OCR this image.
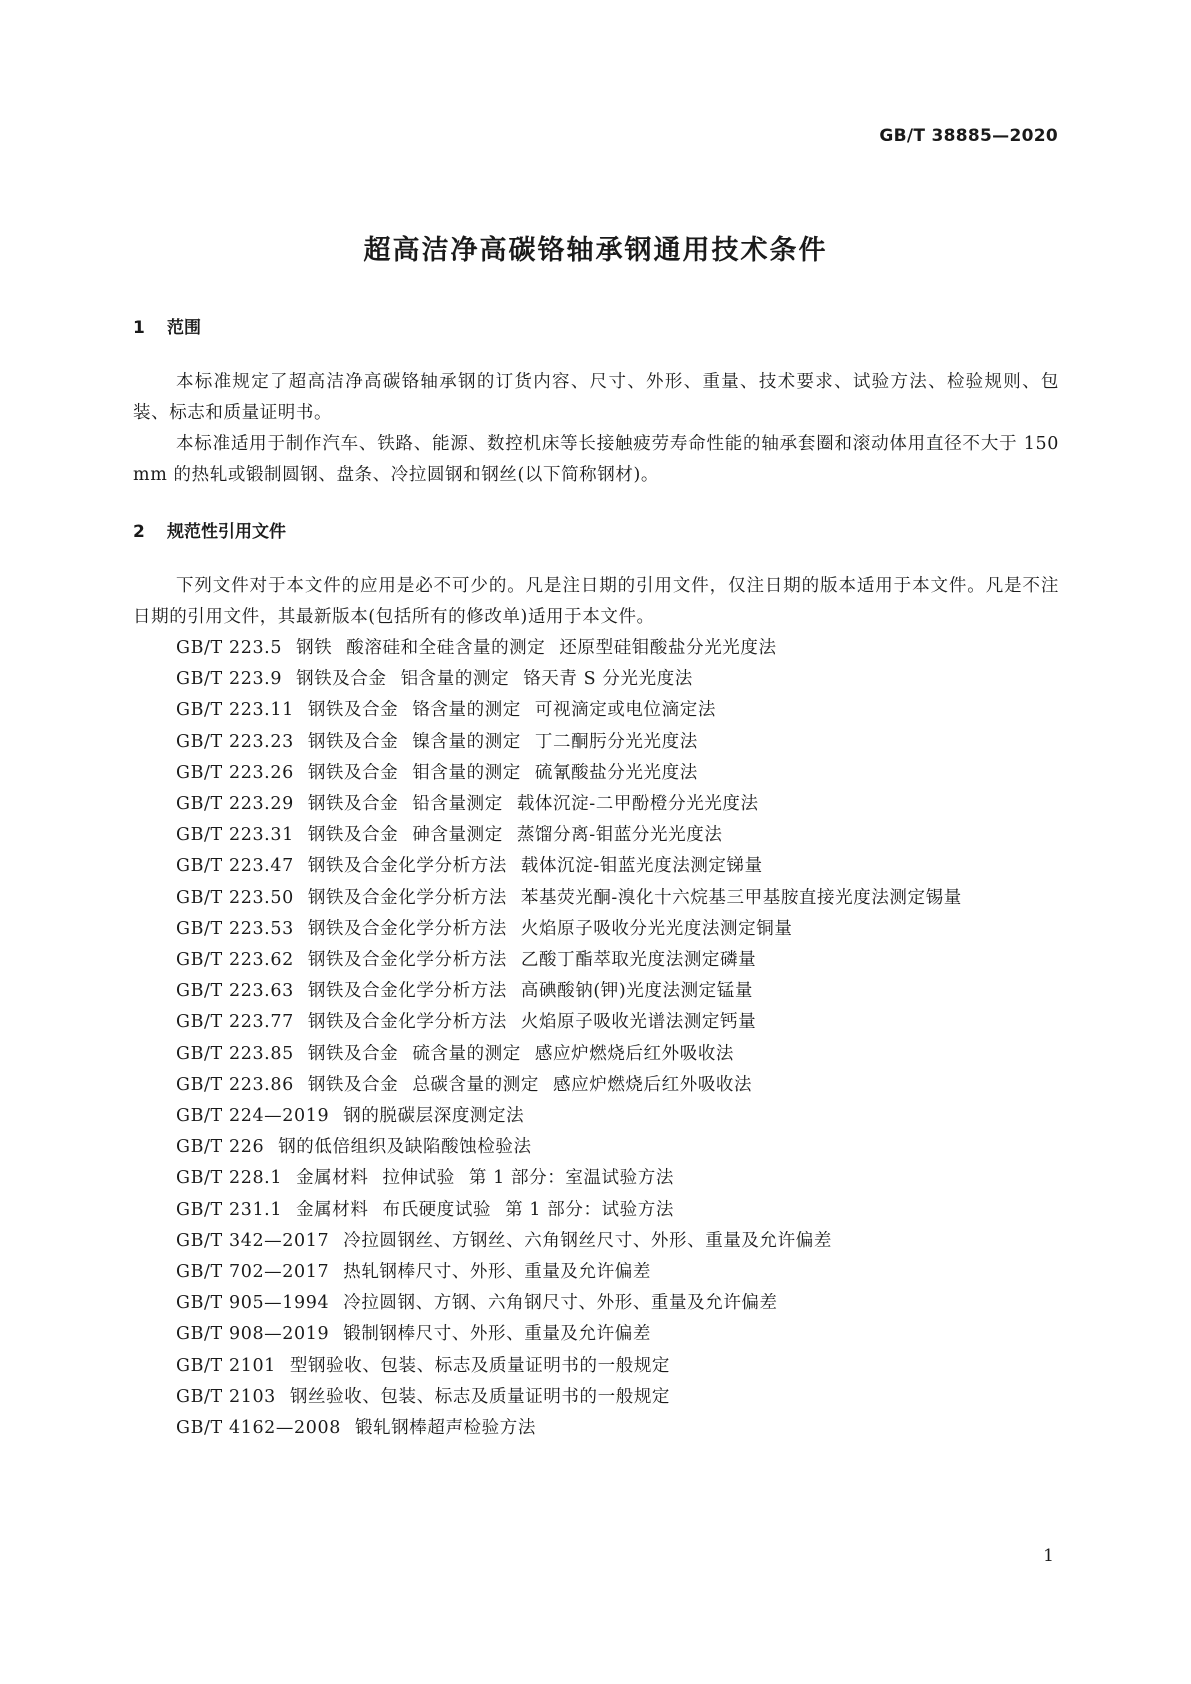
GB/T 38885—2020
超高洁净高碳铬轴承钢通用技术条件
1 范围
本标准规定了超高洁净高碳铬轴承钢的订货内容、尺寸、外形、重量、技术要求、试验方法、检验规则、包装、标志和质量证明书。
本标准适用于制作汽车、铁路、能源、数控机床等长接触疲劳寿命性能的轴承套圈和滚动体用直径不大于 150 mm 的热轧或锻制圆钢、盘条、冷拉圆钢和钢丝(以下简称钢材)。
2 规范性引用文件
下列文件对于本文件的应用是必不可少的。凡是注日期的引用文件，仅注日期的版本适用于本文件。凡是不注日期的引用文件，其最新版本(包括所有的修改单)适用于本文件。
GB/T 223.5 钢铁 酸溶硅和全硅含量的测定 还原型硅钼酸盐分光光度法
GB/T 223.9 钢铁及合金 铝含量的测定 铬天青 S 分光光度法
GB/T 223.11 钢铁及合金 铬含量的测定 可视滴定或电位滴定法
GB/T 223.23 钢铁及合金 镍含量的测定 丁二酮肟分光光度法
GB/T 223.26 钢铁及合金 钼含量的测定 硫氰酸盐分光光度法
GB/T 223.29 钢铁及合金 铅含量测定 载体沉淀-二甲酚橙分光光度法
GB/T 223.31 钢铁及合金 砷含量测定 蒸馏分离-钼蓝分光光度法
GB/T 223.47 钢铁及合金化学分析方法 载体沉淀-钼蓝光度法测定锑量
GB/T 223.50 钢铁及合金化学分析方法 苯基荧光酮-溴化十六烷基三甲基胺直接光度法测定锡量
GB/T 223.53 钢铁及合金化学分析方法 火焰原子吸收分光光度法测定铜量
GB/T 223.62 钢铁及合金化学分析方法 乙酸丁酯萃取光度法测定磷量
GB/T 223.63 钢铁及合金化学分析方法 高碘酸钠(钾)光度法测定锰量
GB/T 223.77 钢铁及合金化学分析方法 火焰原子吸收光谱法测定钙量
GB/T 223.85 钢铁及合金 硫含量的测定 感应炉燃烧后红外吸收法
GB/T 223.86 钢铁及合金 总碳含量的测定 感应炉燃烧后红外吸收法
GB/T 224—2019 钢的脱碳层深度测定法
GB/T 226 钢的低倍组织及缺陷酸蚀检验法
GB/T 228.1 金属材料 拉伸试验 第 1 部分：室温试验方法
GB/T 231.1 金属材料 布氏硬度试验 第 1 部分：试验方法
GB/T 342—2017 冷拉圆钢丝、方钢丝、六角钢丝尺寸、外形、重量及允许偏差
GB/T 702—2017 热轧钢棒尺寸、外形、重量及允许偏差
GB/T 905—1994 冷拉圆钢、方钢、六角钢尺寸、外形、重量及允许偏差
GB/T 908—2019 锻制钢棒尺寸、外形、重量及允许偏差
GB/T 2101 型钢验收、包装、标志及质量证明书的一般规定
GB/T 2103 钢丝验收、包装、标志及质量证明书的一般规定
GB/T 4162—2008 锻轧钢棒超声检验方法
1
